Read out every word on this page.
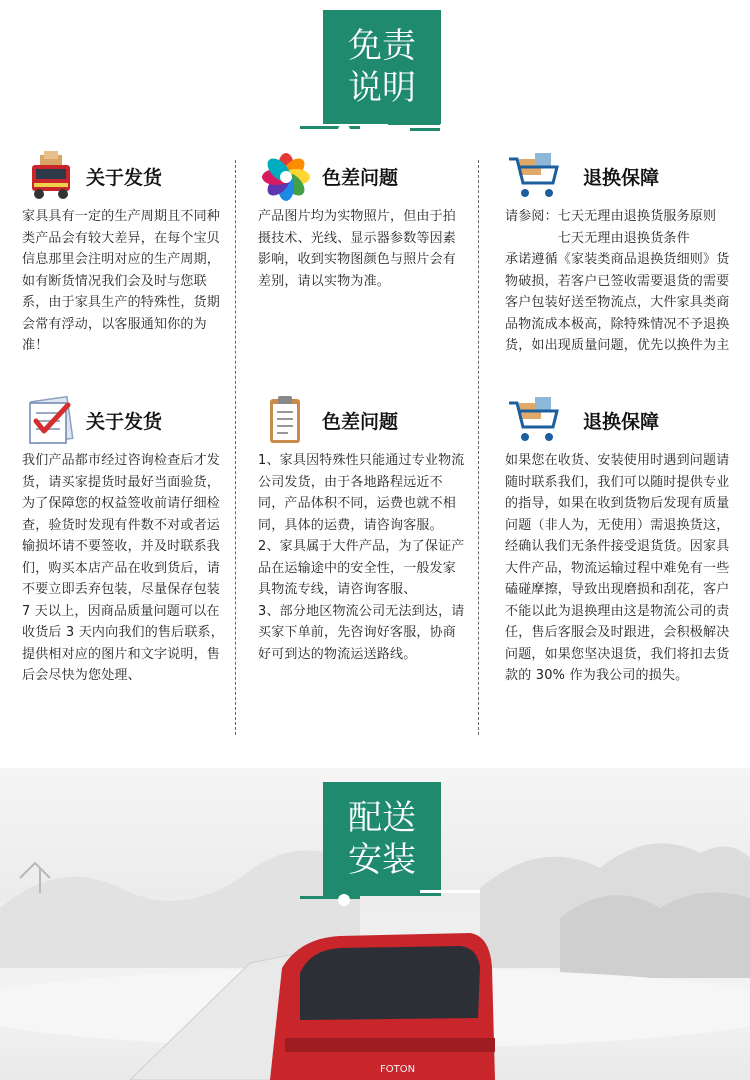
免责
说明
关于发货
家具具有一定的生产周期且不同种类产品会有较大差异，在每个宝贝信息那里会注明对应的生产周期，如有断货情况我们会及时与您联系，由于家具生产的特殊性，货期会常有浮动，以客服通知你的为准！
色差问题
产品图片均为实物照片，但由于拍摄技术、光线、显示器参数等因素影响，收到实物图颜色与照片会有差别，请以实物为准。
退换保障
请参阅：七天无理由退换货服务原则
　　　　七天无理由退换货条件
承诺遵循《家装类商品退换货细则》货物破损，若客户已签收需要退货的需要客户包装好送至物流点，大件家具类商品物流成本极高，除特殊情况不予退换货，如出现质量问题，优先以换件为主
关于发货
我们产品都市经过咨询检查后才发货，请买家提货时最好当面验货，为了保障您的权益签收前请仔细检查，验货时发现有件数不对或者运输损坏请不要签收，并及时联系我们，购买本店产品在收到货后，请不要立即丢弃包装，尽量保存包装 7 天以上，因商品质量问题可以在收货后 3 天内向我们的售后联系，提供相对应的图片和文字说明，售后会尽快为您处理、
色差问题
1、家具因特殊性只能通过专业物流公司发货，由于各地路程远近不同，产品体积不同，运费也就不相同，具体的运费，请咨询客服。
2、家具属于大件产品，为了保证产品在运输途中的安全性，一般发家具物流专线，请咨询客服、
3、部分地区物流公司无法到达，请买家下单前，先咨询好客服，协商好可到达的物流运送路线。
退换保障
如果您在收货、安装使用时遇到问题请随时联系我们，我们可以随时提供专业的指导，如果在收到货物后发现有质量问题（非人为，无使用）需退换货这，经确认我们无条件接受退货货。因家具大件产品，物流运输过程中难免有一些磕碰摩擦，导致出现磨损和刮花，客户不能以此为退换理由这是物流公司的责任，售后客服会及时跟进，会积极解决问题，如果您坚决退货，我们将扣去货款的 30% 作为我公司的损失。
FOTON
配送
安装
